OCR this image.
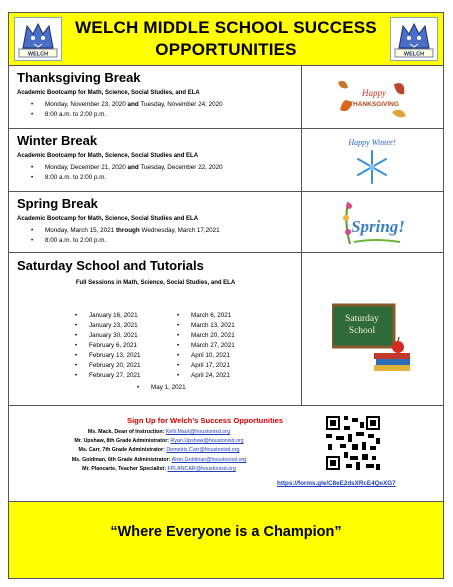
WELCH
WELCH MIDDLE SCHOOL SUCCESS
OPPORTUNITIES	WELCH
Thanksgiving Break
Academic Bootcamp for Math, Science, Social Studies, and ELA
• Monday, November 23, 2020 and Tuesday, November 24, 2020
• 8:00 a.m. to 2:00 p.m.
Happy
THANKSGIVING
Winter Break
Academic Bootcamp for Math, Science, Social Studies and ELA
• Monday, December 21, 2020 and Tuesday, December 22, 2020
• 8:00 a.m. to 2:00 p.m.
Happy Winter!
Spring Break
Academic Bootcamp for Math, Science, Social Studies and ELA
• Monday, March 15, 2021 through Wednesday, March 17,2021
• 8:00 a.m. to 2:00 p.m.
Spring!
Saturday School and Tutorials
Full Sessions in Math, Science, Social Studies, and ELA
• January 16, 2021
• January 23, 2021
• January 30, 2021
• February 6, 2021
• February 13, 2021
• February 20, 2021
• February 27, 2021
• March 6, 2021
• March 13, 2021
• March 20, 2021
• March 27, 2021
• April 10, 2021
• April 17, 2021
• April 24, 2021
• May 1, 2021
Saturday
School
Sign Up for Welch’s Success Opportunities
Ms. Mack, Dean of Instruction: Kelli.Mack@houstonisd.org
Mr. Upshaw, 8th Grade Administrator: Ryan.Upshaw@houstonisd.org
Ms. Carr, 7th Grade Administrator: Demetris.Carr@houstonisd.org
Ms. Goldman, 6th Grade Administrator: Alvin.Goldman@houstonisd.org
Mr. Plancarte, Teacher Specialist: FPLANCAR@houstonisd.org
https://forms.gle/C8eE2dsXRcE4QeXG7
“Where Everyone is a Champion”
